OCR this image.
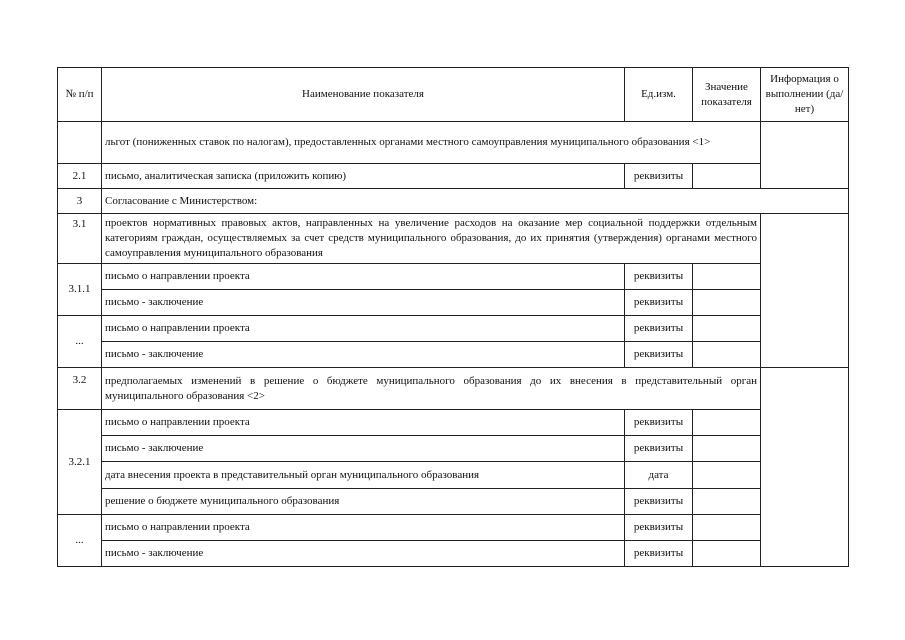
№ п/п	Наименование показателя	Ед.изм.	Значение показателя	Информация о выполнении (да/ нет)
	льгот (пониженных ставок по налогам), предоставленных органами местного самоуправления муниципального образования <1>			
2.1	письмо, аналитическая записка (приложить копию)	реквизиты		
3	Согласование с Министерством:			
3.1	проектов нормативных правовых актов, направленных на увеличение расходов на оказание мер социальной поддержки отдельным категориям граждан, осуществляемых за счет средств муниципального образования, до их принятия (утверждения) органами местного самоуправления муниципального образования			
3.1.1	письмо о направлении проекта	реквизиты		
	письмо - заключение	реквизиты		
...	письмо о направлении проекта	реквизиты		
	письмо - заключение	реквизиты		
3.2	предполагаемых изменений в решение о бюджете муниципального образования до их внесения в представительный орган муниципального образования <2>			
3.2.1	письмо о направлении проекта	реквизиты		
	письмо - заключение	реквизиты		
	дата внесения проекта в представительный орган муниципального образования	дата		
	решение о бюджете муниципального образования	реквизиты		
...	письмо о направлении проекта	реквизиты		
	письмо - заключение	реквизиты		
